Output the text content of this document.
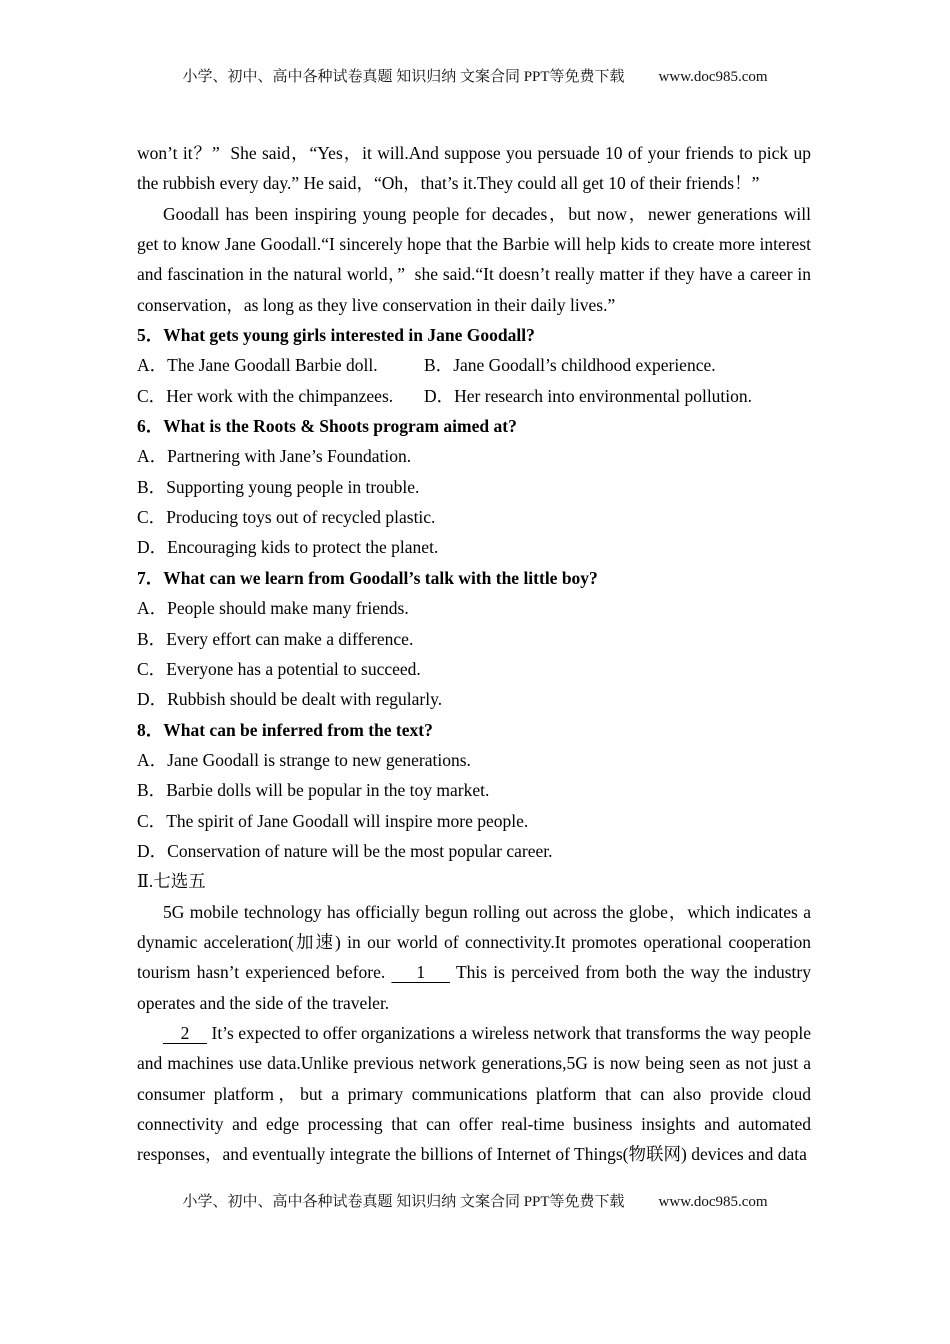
小学、初中、高中各种试卷真题 知识归纳 文案合同 PPT等免费下载 www.doc985.com

won’t it？”  She said，“Yes，it will.And suppose you persuade 10 of your friends to pick up the rubbish every day.” He said，“Oh，that’s it.They could all get 10 of their friends！”

Goodall has been inspiring young people for decades，but now，newer generations will get to know Jane Goodall.“I sincerely hope that the Barbie will help kids to create more interest and fascination in the natural world，”  she said.“It doesn’t really matter if they have a career in conservation，as long as they live conservation in their daily lives.”

5．What gets young girls interested in Jane Goodall?

A．The Jane Goodall Barbie doll.	B．Jane Goodall’s childhood experience.

C．Her work with the chimpanzees.	D．Her research into environmental pollution.

6．What is the Roots & Shoots program aimed at?

A．Partnering with Jane’s Foundation.

B．Supporting young people in trouble.

C．Producing toys out of recycled plastic.

D．Encouraging kids to protect the planet.

7．What can we learn from Goodall’s talk with the little boy?

A．People should make many friends.

B．Every effort can make a difference.

C．Everyone has a potential to succeed.

D．Rubbish should be dealt with regularly.

8．What can be inferred from the text?

A．Jane Goodall is strange to new generations.

B．Barbie dolls will be popular in the toy market.

C．The spirit of Jane Goodall will inspire more people.

D．Conservation of nature will be the most popular career.

Ⅱ.七选五

5G mobile technology has officially begun rolling out across the globe，which indicates a dynamic acceleration(加速) in our world of connectivity.It promotes operational cooperation tourism hasn’t experienced before.     1     This is perceived from both the way the industry operates and the side of the traveler.

2     It’s expected to offer organizations a wireless network that transforms the way people and machines use data.Unlike previous network generations,5G is now being seen as not just a consumer platform，but a primary communications platform that can also provide cloud connectivity and edge processing that can offer real-time business insights and automated responses，and eventually integrate the billions of Internet of Things(物联网) devices and data

小学、初中、高中各种试卷真题 知识归纳 文案合同 PPT等免费下载 www.doc985.com
